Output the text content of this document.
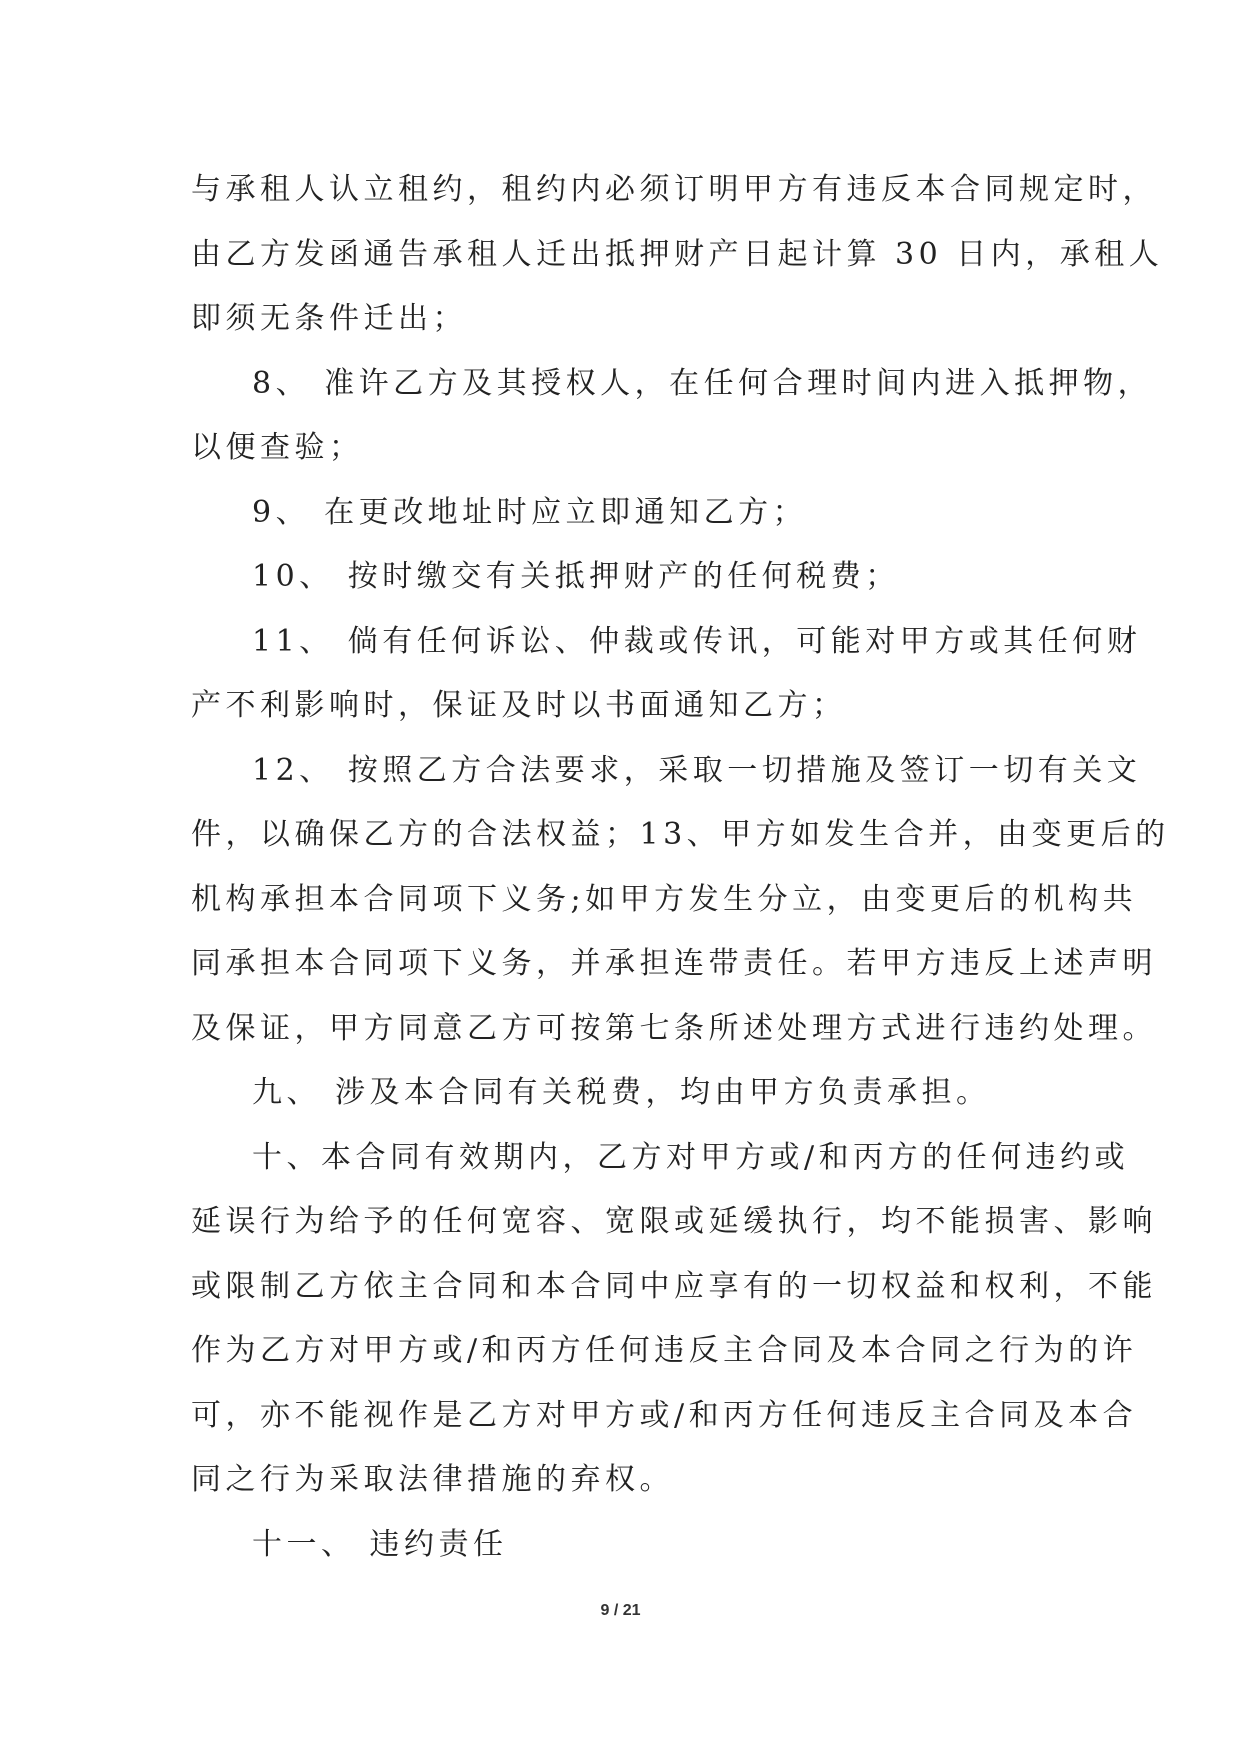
与承租人认立租约，租约内必须订明甲方有违反本合同规定时，
由乙方发函通告承租人迁出抵押财产日起计算 30 日内，承租人
即须无条件迁出；
8、 准许乙方及其授权人，在任何合理时间内进入抵押物，
以便查验；
9、 在更改地址时应立即通知乙方；
10、 按时缴交有关抵押财产的任何税费；
11、 倘有任何诉讼、仲裁或传讯，可能对甲方或其任何财
产不利影响时，保证及时以书面通知乙方；
12、 按照乙方合法要求，采取一切措施及签订一切有关文
件，以确保乙方的合法权益；13、甲方如发生合并，由变更后的
机构承担本合同项下义务;如甲方发生分立，由变更后的机构共
同承担本合同项下义务，并承担连带责任。若甲方违反上述声明
及保证，甲方同意乙方可按第七条所述处理方式进行违约处理。
九、 涉及本合同有关税费，均由甲方负责承担。
十、本合同有效期内，乙方对甲方或/和丙方的任何违约或
延误行为给予的任何宽容、宽限或延缓执行，均不能损害、影响
或限制乙方依主合同和本合同中应享有的一切权益和权利，不能
作为乙方对甲方或/和丙方任何违反主合同及本合同之行为的许
可，亦不能视作是乙方对甲方或/和丙方任何违反主合同及本合
同之行为采取法律措施的弃权。
十一、 违约责任
9 / 21
